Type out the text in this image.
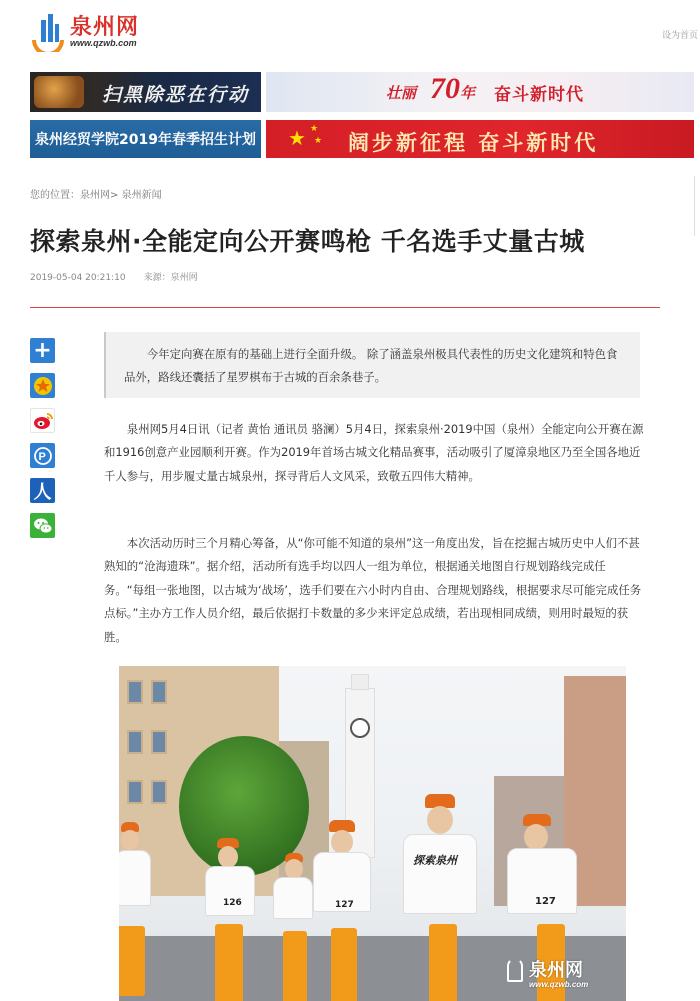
泉州网
www.qzwb.com
设为首页
扫黑除恶在行动	壮丽 70年 奋斗新时代
泉州经贸学院2019年春季招生计划 ★ ★
★ 阔步新征程 奋斗新时代
您的位置：泉州网> 泉州新闻
探索泉州·全能定向公开赛鸣枪 千名选手丈量古城
2019-05-04 20:21:10 来源：泉州网
+
P
人
今年定向赛在原有的基础上进行全面升级。 除了涵盖泉州极具代表性的历史文化建筑和特色食品外，路线还囊括了星罗棋布于古城的百余条巷子。

泉州网5月4日讯（记者 黄怡 通讯员 骆澜）5月4日，探索泉州·2019中国（泉州）全能定向公开赛在源和1916创意产业园顺利开赛。作为2019年首场古城文化精品赛事，活动吸引了厦漳泉地区乃至全国各地近千人参与，用步履丈量古城泉州，探寻背后人文风采，致敬五四伟大精神。

本次活动历时三个月精心筹备，从“你可能不知道的泉州”这一角度出发，旨在挖掘古城历史中人们不甚熟知的“沧海遗珠”。据介绍，活动所有选手均以四人一组为单位，根据通关地图自行规划路线完成任务。“每组一张地图，以古城为‘战场’，选手们要在六小时内自由、合理规划路线，根据要求尽可能完成任务点标。”主办方工作人员介绍，最后依据打卡数量的多少来评定总成绩，若出现相同成绩，则用时最短的获胜。

126	127
探索泉州
127
泉州网
www.qzwb.com
